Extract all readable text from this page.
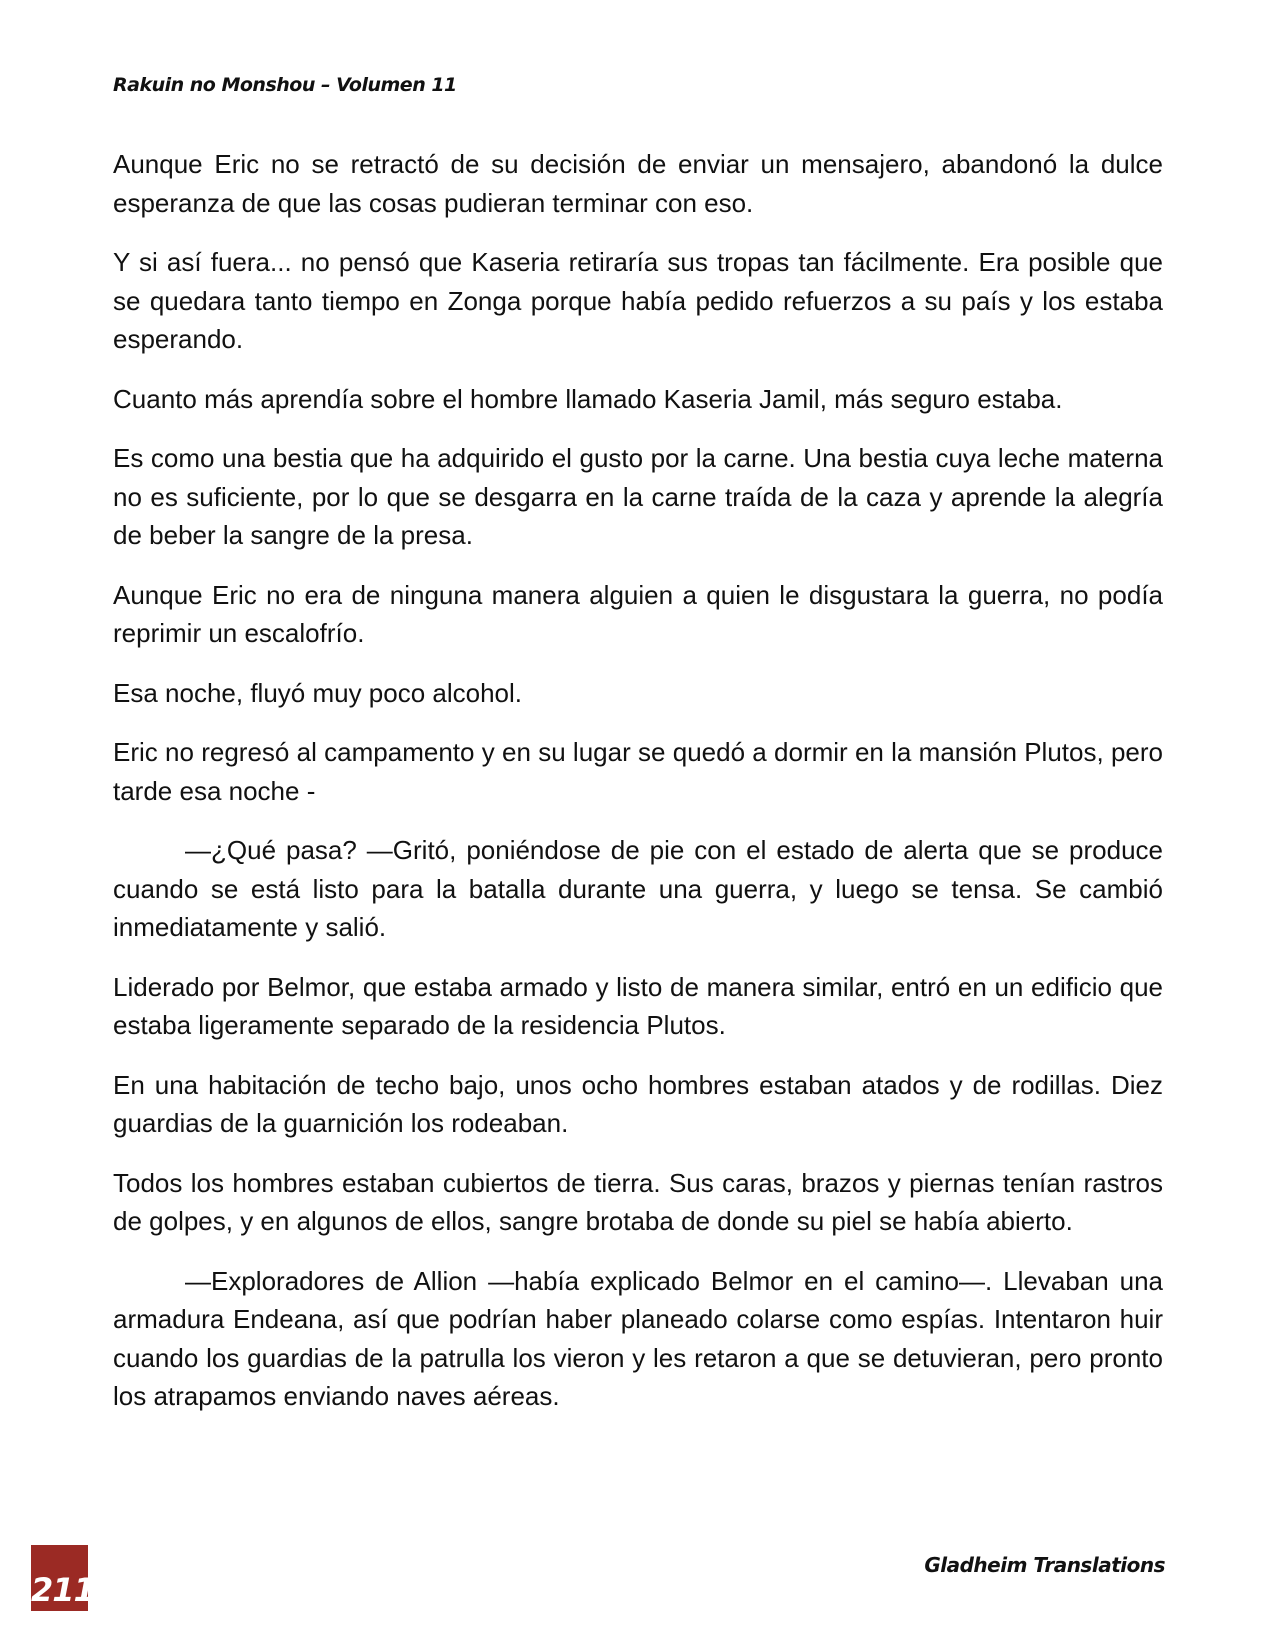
Rakuin no Monshou – Volumen 11

Aunque Eric no se retractó de su decisión de enviar un mensajero, abandonó la dulce esperanza de que las cosas pudieran terminar con eso.

Y si así fuera... no pensó que Kaseria retiraría sus tropas tan fácilmente. Era posible que se quedara tanto tiempo en Zonga porque había pedido refuerzos a su país y los estaba esperando.

Cuanto más aprendía sobre el hombre llamado Kaseria Jamil, más seguro estaba.

Es como una bestia que ha adquirido el gusto por la carne. Una bestia cuya leche materna no es suficiente, por lo que se desgarra en la carne traída de la caza y aprende la alegría de beber la sangre de la presa.

Aunque Eric no era de ninguna manera alguien a quien le disgustara la guerra, no podía reprimir un escalofrío.

Esa noche, fluyó muy poco alcohol.

Eric no regresó al campamento y en su lugar se quedó a dormir en la mansión Plutos, pero tarde esa noche -

—¿Qué pasa? —Gritó, poniéndose de pie con el estado de alerta que se produce cuando se está listo para la batalla durante una guerra, y luego se tensa. Se cambió inmediatamente y salió.

Liderado por Belmor, que estaba armado y listo de manera similar, entró en un edificio que estaba ligeramente separado de la residencia Plutos.

En una habitación de techo bajo, unos ocho hombres estaban atados y de rodillas. Diez guardias de la guarnición los rodeaban.

Todos los hombres estaban cubiertos de tierra. Sus caras, brazos y piernas tenían rastros de golpes, y en algunos de ellos, sangre brotaba de donde su piel se había abierto.

—Exploradores de Allion —había explicado Belmor en el camino—. Llevaban una armadura Endeana, así que podrían haber planeado colarse como espías. Intentaron huir cuando los guardias de la patrulla los vieron y les retaron a que se detuvieran, pero pronto los atrapamos enviando naves aéreas.

211
Gladheim Translations
